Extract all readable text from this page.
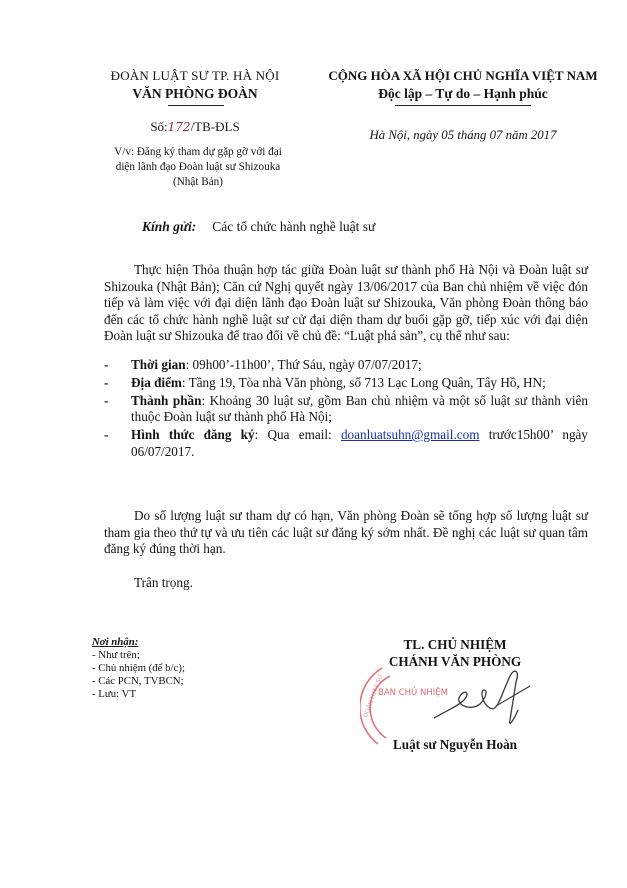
ĐOÀN LUẬT SƯ TP. HÀ NỘI
VĂN PHÒNG ĐOÀN
Số:172/TB-ĐLS
V/v: Đăng ký tham dự gặp gỡ với đại
diện lãnh đạo Đoàn luật sư Shizouka
(Nhật Bản)
CỘNG HÒA XÃ HỘI CHỦ NGHĨA VIỆT NAM
Độc lập – Tự do – Hạnh phúc
Hà Nội, ngày 05 tháng 07 năm 2017
Kính gửi: Các tổ chức hành nghề luật sư
Thực hiện Thỏa thuận hợp tác giữa Đoàn luật sư thành phố Hà Nội và Đoàn luật sư Shizouka (Nhật Bản); Căn cứ Nghị quyết ngày 13/06/2017 của Ban chủ nhiệm về việc đón tiếp và làm việc với đại diện lãnh đạo Đoàn luật sư Shizouka, Văn phòng Đoàn thông báo đến các tổ chức hành nghề luật sư cử đại diện tham dự buổi gặp gỡ, tiếp xúc với đại diện Đoàn luật sư Shizouka để trao đổi về chủ đề: “Luật phá sản”, cụ thể như sau:
- Thời gian: 09h00’-11h00’, Thứ Sáu, ngày 07/07/2017;
- Địa điểm: Tầng 19, Tòa nhà Văn phòng, số 713 Lạc Long Quân, Tây Hồ, HN;
- Thành phần: Khoảng 30 luật sư, gồm Ban chủ nhiệm và một số luật sư thành viên thuộc Đoàn luật sư thành phố Hà Nội;
- Hình thức đăng ký: Qua email: doanluatsuhn@gmail.com trước15h00’ ngày 06/07/2017.
Do số lượng luật sư tham dự có hạn, Văn phòng Đoàn sẽ tổng hợp số lượng luật sư tham gia theo thứ tự và ưu tiên các luật sư đăng ký sớm nhất. Đề nghị các luật sư quan tâm đăng ký đúng thời hạn.
Trân trọng.
Nơi nhận:
- Như trên;
- Chủ nhiệm (để b/c);
- Các PCN, TVBCN;
- Lưu: VT
TL. CHỦ NHIỆM
CHÁNH VĂN PHÒNG
BAN CHỦ NHIỆM
ĐOÀN LUẬT SƯ
Luật sư Nguyễn Hoàn
